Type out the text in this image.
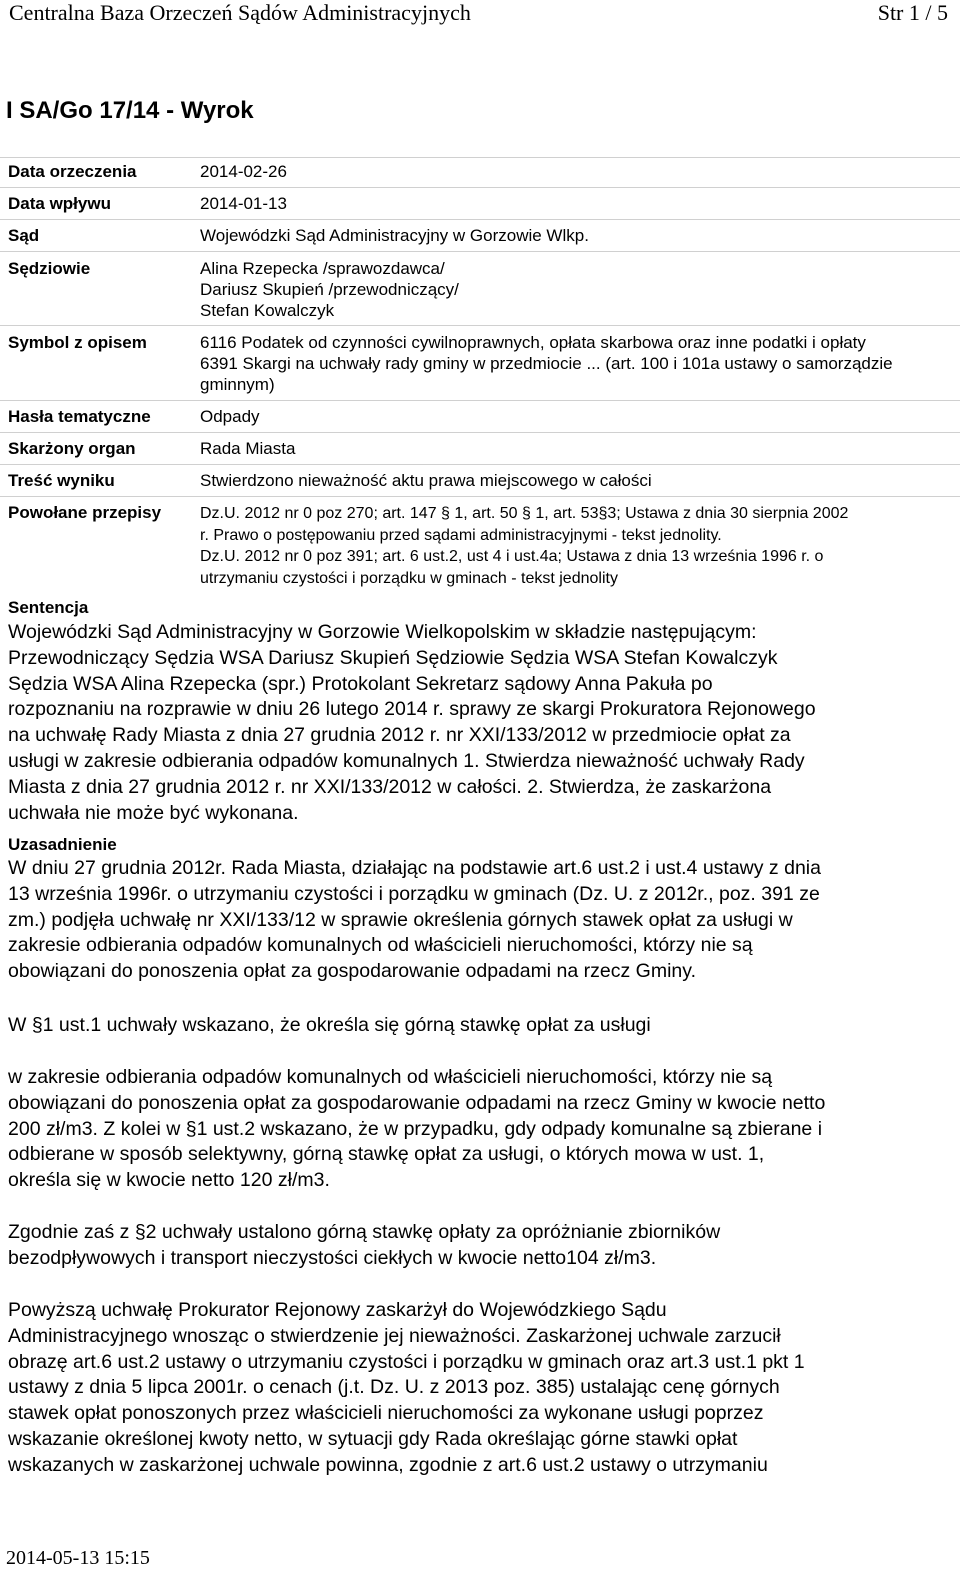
Centralna Baza Orzeczeń Sądów Administracyjnych	Str 1 / 5
I SA/Go 17/14 - Wyrok
Data orzeczenia	2014-02-26
Data wpływu	2014-01-13
Sąd	Wojewódzki Sąd Administracyjny w Gorzowie Wlkp.
Sędziowie	Alina Rzepecka /sprawozdawca/
Dariusz Skupień /przewodniczący/
Stefan Kowalczyk
Symbol z opisem	6116 Podatek od czynności cywilnoprawnych, opłata skarbowa oraz inne podatki i opłaty
6391 Skargi na uchwały rady gminy w przedmiocie ... (art. 100 i 101a ustawy o samorządzie
gminnym)
Hasła tematyczne	Odpady
Skarżony organ	Rada Miasta
Treść wyniku	Stwierdzono nieważność aktu prawa miejscowego w całości
Powołane przepisy Dz.U. 2012 nr 0 poz 270; art. 147 § 1, art. 50 § 1, art. 53§3; Ustawa z dnia 30 sierpnia 2002
r. Prawo o postępowaniu przed sądami administracyjnymi - tekst jednolity.
Dz.U. 2012 nr 0 poz 391; art. 6 ust.2, ust 4 i ust.4a; Ustawa z dnia 13 września 1996 r. o
utrzymaniu czystości i porządku w gminach - tekst jednolity
Sentencja
Wojewódzki Sąd Administracyjny w Gorzowie Wielkopolskim w składzie następującym:
Przewodniczący Sędzia WSA Dariusz Skupień Sędziowie Sędzia WSA Stefan Kowalczyk
Sędzia WSA Alina Rzepecka (spr.) Protokolant Sekretarz sądowy Anna Pakuła po
rozpoznaniu na rozprawie w dniu 26 lutego 2014 r. sprawy ze skargi Prokuratora Rejonowego
na uchwałę Rady Miasta z dnia 27 grudnia 2012 r. nr XXI/133/2012 w przedmiocie opłat za
usługi w zakresie odbierania odpadów komunalnych 1. Stwierdza nieważność uchwały Rady
Miasta z dnia 27 grudnia 2012 r. nr XXI/133/2012 w całości. 2. Stwierdza, że zaskarżona
uchwała nie może być wykonana.
Uzasadnienie
W dniu 27 grudnia 2012r. Rada Miasta, działając na podstawie art.6 ust.2 i ust.4 ustawy z dnia
13 września 1996r. o utrzymaniu czystości i porządku w gminach (Dz. U. z 2012r., poz. 391 ze
zm.) podjęła uchwałę nr XXI/133/12 w sprawie określenia górnych stawek opłat za usługi w
zakresie odbierania odpadów komunalnych od właścicieli nieruchomości, którzy nie są
obowiązani do ponoszenia opłat za gospodarowanie odpadami na rzecz Gminy.
W §1 ust.1 uchwały wskazano, że określa się górną stawkę opłat za usługi
w zakresie odbierania odpadów komunalnych od właścicieli nieruchomości, którzy nie są
obowiązani do ponoszenia opłat za gospodarowanie odpadami na rzecz Gminy w kwocie netto
200 zł/m3. Z kolei w §1 ust.2 wskazano, że w przypadku, gdy odpady komunalne są zbierane i
odbierane w sposób selektywny, górną stawkę opłat za usługi, o których mowa w ust. 1,
określa się w kwocie netto 120 zł/m3.
Zgodnie zaś z §2 uchwały ustalono górną stawkę opłaty za opróżnianie zbiorników
bezodpływowych i transport nieczystości ciekłych w kwocie netto104 zł/m3.
Powyższą uchwałę Prokurator Rejonowy zaskarżył do Wojewódzkiego Sądu
Administracyjnego wnosząc o stwierdzenie jej nieważności. Zaskarżonej uchwale zarzucił
obrazę art.6 ust.2 ustawy o utrzymaniu czystości i porządku w gminach oraz art.3 ust.1 pkt 1
ustawy z dnia 5 lipca 2001r. o cenach (j.t. Dz. U. z 2013 poz. 385) ustalając cenę górnych
stawek opłat ponoszonych przez właścicieli nieruchomości za wykonane usługi poprzez
wskazanie określonej kwoty netto, w sytuacji gdy Rada określając górne stawki opłat
wskazanych w zaskarżonej uchwale powinna, zgodnie z art.6 ust.2 ustawy o utrzymaniu
2014-05-13 15:15
